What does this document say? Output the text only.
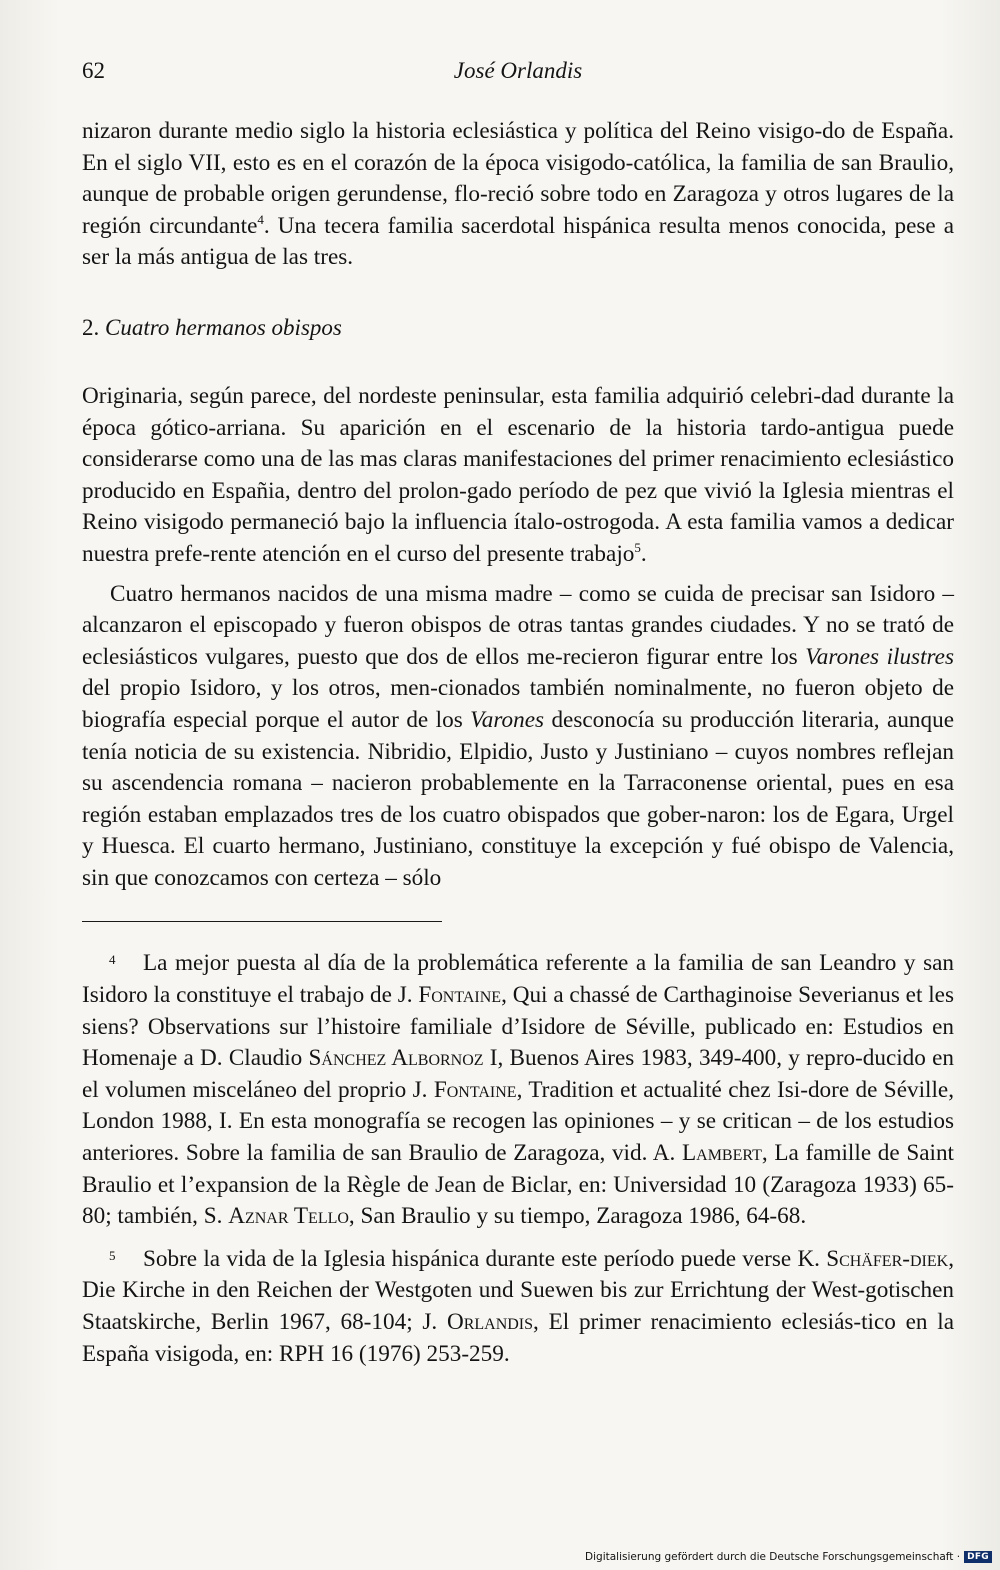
62	José Orlandis

nizaron durante medio siglo la historia eclesiástica y política del Reino visigo-do de España. En el siglo VII, esto es en el corazón de la época visigodo-católica, la familia de san Braulio, aunque de probable origen gerundense, flo-reció sobre todo en Zaragoza y otros lugares de la región circundante$^4$. Una tecera familia sacerdotal hispánica resulta menos conocida, pese a ser la más antigua de las tres.

2. Cuatro hermanos obispos

Originaria, según parece, del nordeste peninsular, esta familia adquirió celebri-dad durante la época gótico-arriana. Su aparición en el escenario de la historia tardo-antigua puede considerarse como una de las mas claras manifestaciones del primer renacimiento eclesiástico producido en Españia, dentro del prolon-gado período de pez que vivió la Iglesia mientras el Reino visigodo permaneció bajo la influencia ítalo-ostrogoda. A esta familia vamos a dedicar nuestra prefe-rente atención en el curso del presente trabajo$^5$.

Cuatro hermanos nacidos de una misma madre – como se cuida de precisar san Isidoro – alcanzaron el episcopado y fueron obispos de otras tantas grandes ciudades. Y no se trató de eclesiásticos vulgares, puesto que dos de ellos me-recieron figurar entre los Varones ilustres del propio Isidoro, y los otros, men-cionados también nominalmente, no fueron objeto de biografía especial porque el autor de los Varones desconocía su producción literaria, aunque tenía noticia de su existencia. Nibridio, Elpidio, Justo y Justiniano – cuyos nombres reflejan su ascendencia romana – nacieron probablemente en la Tarraconense oriental, pues en esa región estaban emplazados tres de los cuatro obispados que gober-naron: los de Egara, Urgel y Huesca. El cuarto hermano, Justiniano, constituye la excepción y fué obispo de Valencia, sin que conozcamos con certeza – sólo

4 La mejor puesta al día de la problemática referente a la familia de san Leandro y san Isidoro la constituye el trabajo de J. Fontaine, Qui a chassé de Carthaginoise Severianus et les siens? Observations sur l’histoire familiale d’Isidore de Séville, publicado en: Estudios en Homenaje a D. Claudio Sánchez Albornoz I, Buenos Aires 1983, 349-400, y repro-ducido en el volumen misceláneo del proprio J. Fontaine, Tradition et actualité chez Isi-dore de Séville, London 1988, I. En esta monografía se recogen las opiniones – y se critican – de los estudios anteriores. Sobre la familia de san Braulio de Zaragoza, vid. A. Lambert, La famille de Saint Braulio et l’expansion de la Règle de Jean de Biclar, en: Universidad 10 (Zaragoza 1933) 65-80; también, S. Aznar Tello, San Braulio y su tiempo, Zaragoza 1986, 64-68.

5 Sobre la vida de la Iglesia hispánica durante este período puede verse K. Schäfer-diek, Die Kirche in den Reichen der Westgoten und Suewen bis zur Errichtung der West-gotischen Staatskirche, Berlin 1967, 68-104; J. Orlandis, El primer renacimiento eclesiás-tico en la España visigoda, en: RPH 16 (1976) 253-259.

Digitalisierung gefördert durch die Deutsche Forschungsgemeinschaft · DFG
